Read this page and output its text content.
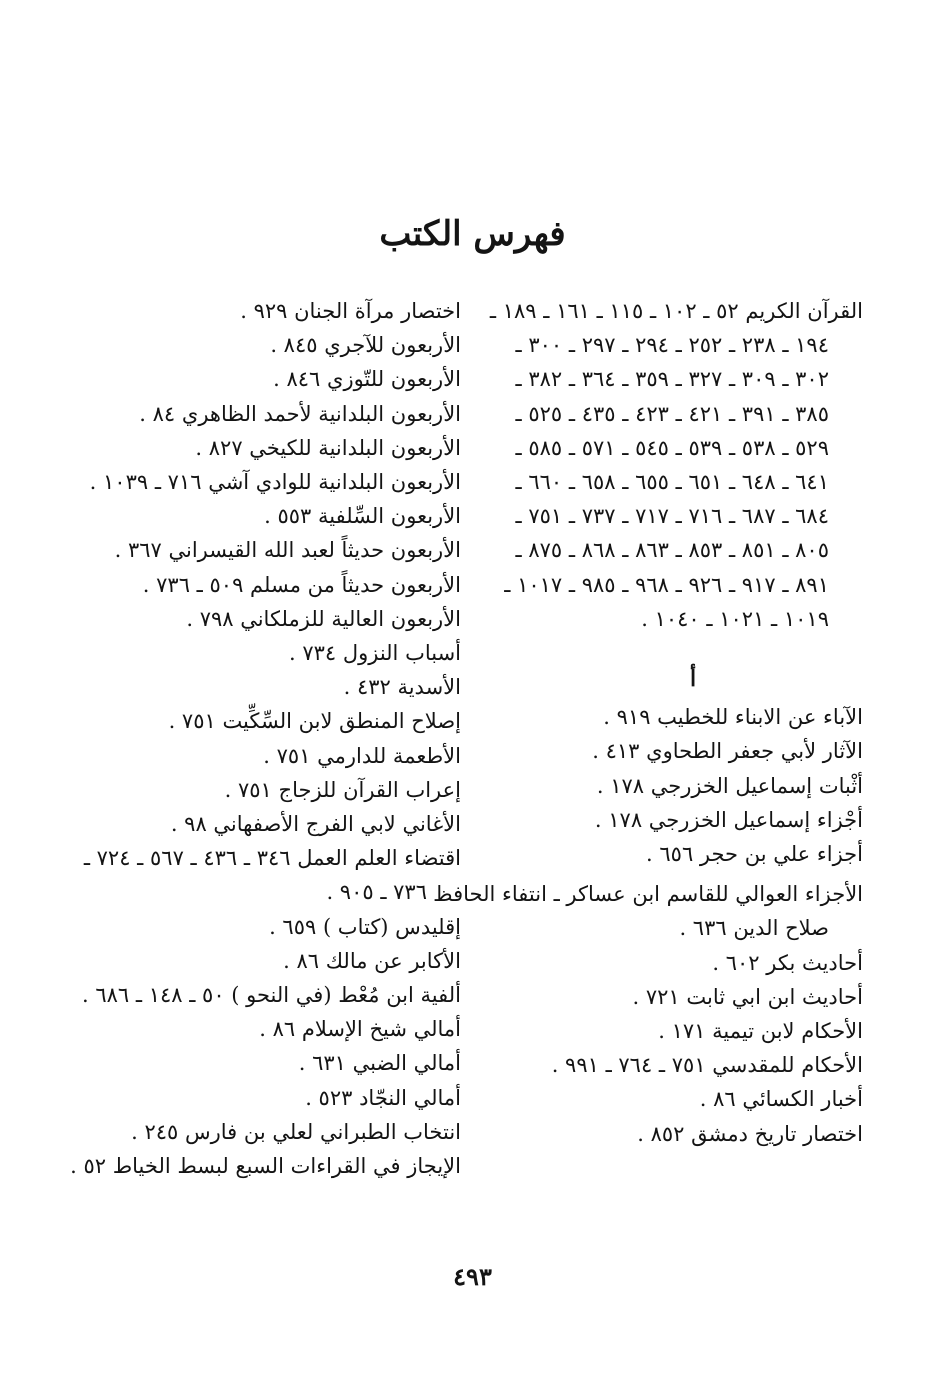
فهرس الكتب

القرآن الكريم ٥٢ ـ ١٠٢ ـ ١١٥ ـ ١٦١ ـ ١٨٩ ـ

١٩٤ ـ ٢٣٨ ـ ٢٥٢ ـ ٢٩٤ ـ ٢٩٧ ـ ٣٠٠ ـ

٣٠٢ ـ ٣٠٩ ـ ٣٢٧ ـ ٣٥٩ ـ ٣٦٤ ـ ٣٨٢ ـ

٣٨٥ ـ ٣٩١ ـ ٤٢١ ـ ٤٢٣ ـ ٤٣٥ ـ ٥٢٥ ـ

٥٢٩ ـ ٥٣٨ ـ ٥٣٩ ـ ٥٤٥ ـ ٥٧١ ـ ٥٨٥ ـ

٦٤١ ـ ٦٤٨ ـ ٦٥١ ـ ٦٥٥ ـ ٦٥٨ ـ ٦٦٠ ـ

٦٨٤ ـ ٦٨٧ ـ ٧١٦ ـ ٧١٧ ـ ٧٣٧ ـ ٧٥١ ـ

٨٠٥ ـ ٨٥١ ـ ٨٥٣ ـ ٨٦٣ ـ ٨٦٨ ـ ٨٧٥ ـ

٨٩١ ـ ٩١٧ ـ ٩٢٦ ـ ٩٦٨ ـ ٩٨٥ ـ ١٠١٧ ـ

١٠١٩ ـ ١٠٢١ ـ ١٠٤٠ .

أ

الآباء عن الابناء للخطيب ٩١٩ .

الآثار لأبي جعفر الطحاوي ٤١٣ .

أثْبات إسماعيل الخزرجي ١٧٨ .

أجْزاء إسماعيل الخزرجي ١٧٨ .

أجزاء علي بن حجر ٦٥٦ .

الأجزاء العوالي للقاسم ابن عساكر ـ انتفاء الحافظ

صلاح الدين ٦٣٦ .

أحاديث بكر ٦٠٢ .

أحاديث ابن ابي ثابت ٧٢١ .

الأحكام لابن تيمية ١٧١ .

الأحكام للمقدسي ٧٥١ ـ ٧٦٤ ـ ٩٩١ .

أخبار الكسائي ٨٦ .

اختصار تاريخ دمشق ٨٥٢ .

اختصار مرآة الجنان ٩٢٩ .

الأربعون للآجري ٨٤٥ .

الأربعون للتّوزي ٨٤٦ .

الأربعون البلدانية لأحمد الظاهري ٨٤ .

الأربعون البلدانية للكيخي ٨٢٧ .

الأربعون البلدانية للوادي آشي ٧١٦ ـ ١٠٣٩ .

الأربعون السِّلفية ٥٥٣ .

الأربعون حديثاً لعبد الله القيسراني ٣٦٧ .

الأربعون حديثاً من مسلم ٥٠٩ ـ ٧٣٦ .

الأربعون العالية للزملكاني ٧٩٨ .

أسباب النزول ٧٣٤ .

الأسدية ٤٣٢ .

إصلاح المنطق لابن السِّكِّيت ٧٥١ .

الأطعمة للدارمي ٧٥١ .

إعراب القرآن للزجاج ٧٥١ .

الأغاني لابي الفرج الأصفهاني ٩٨ .

اقتضاء العلم العمل ٣٤٦ ـ ٤٣٦ ـ ٥٦٧ ـ ٧٢٤ ـ

٧٣٦ ـ ٩٠٥ .

إقليدس (كتاب ) ٦٥٩ .

الأكابر عن مالك ٨٦ .

ألفية ابن مُعْط (في النحو ) ٥٠ ـ ١٤٨ ـ ٦٨٦ .

أمالي شيخ الإسلام ٨٦ .

أمالي الضبي ٦٣١ .

أمالي النجّاد ٥٢٣ .

انتخاب الطبراني لعلي بن فارس ٢٤٥ .

الإيجاز في القراءات السبع لبسط الخياط ٥٢ .

٤٩٣
